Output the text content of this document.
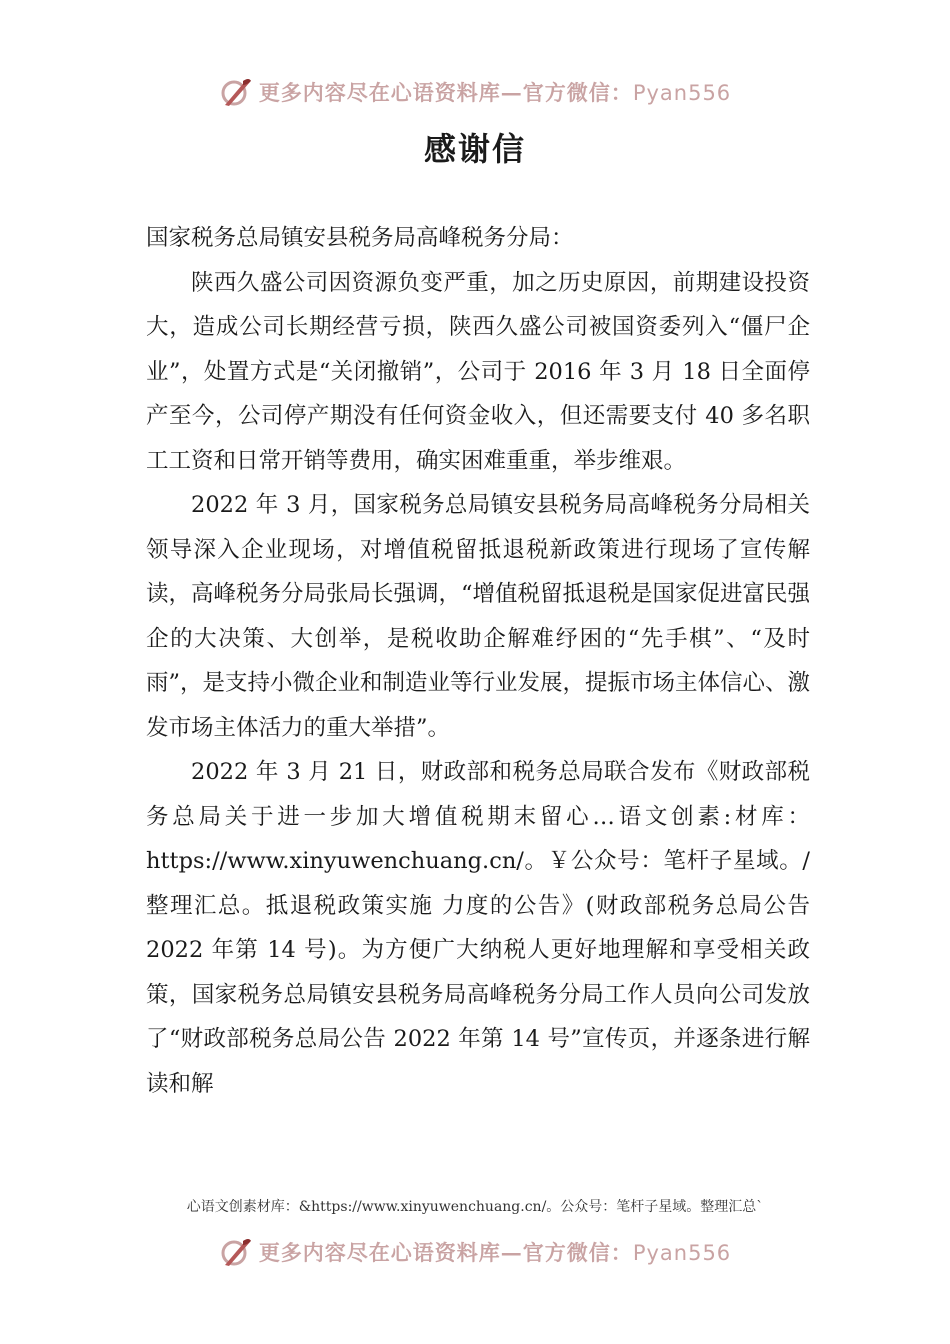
更多内容尽在心语资料库—官方微信：Pyan556
感谢信

国家税务总局镇安县税务局高峰税务分局：

陕西久盛公司因资源负变严重，加之历史原因，前期建设投资大，造成公司长期经营亏损，陕西久盛公司被国资委列入“僵尸企业”，处置方式是“关闭撤销”，公司于 2016 年 3 月 18 日全面停产至今，公司停产期没有任何资金收入，但还需要支付 40 多名职工工资和日常开销等费用，确实困难重重，举步维艰。

2022 年 3 月，国家税务总局镇安县税务局高峰税务分局相关领导深入企业现场，对增值税留抵退税新政策进行现场了宣传解读，高峰税务分局张局长强调，“增值税留抵退税是国家促进富民强企的大决策、大创举，是税收助企解难纾困的“先手棋”、“及时雨”，是支持小微企业和制造业等行业发展，提振市场主体信心、激发市场主体活力的重大举措”。

2022 年 3 月 21 日，财政部和税务总局联合发布《财政部税务总局关于进一步加大增值税期末留心…语文创素:材库：https://www.xinyuwenchuang.cn/。￥公众号：笔杆子星域。/整理汇总。抵退税政策实施 力度的公告》(财政部税务总局公告 2022 年第 14 号)。为方便广大纳税人更好地理解和享受相关政策，国家税务总局镇安县税务局高峰税务分局工作人员向公司发放了“财政部税务总局公告 2022 年第 14 号”宣传页，并逐条进行解读和解

心语文创素材库：&https://www.xinyuwenchuang.cn/。公众号：笔杆子星域。整理汇总`
更多内容尽在心语资料库—官方微信：Pyan556
